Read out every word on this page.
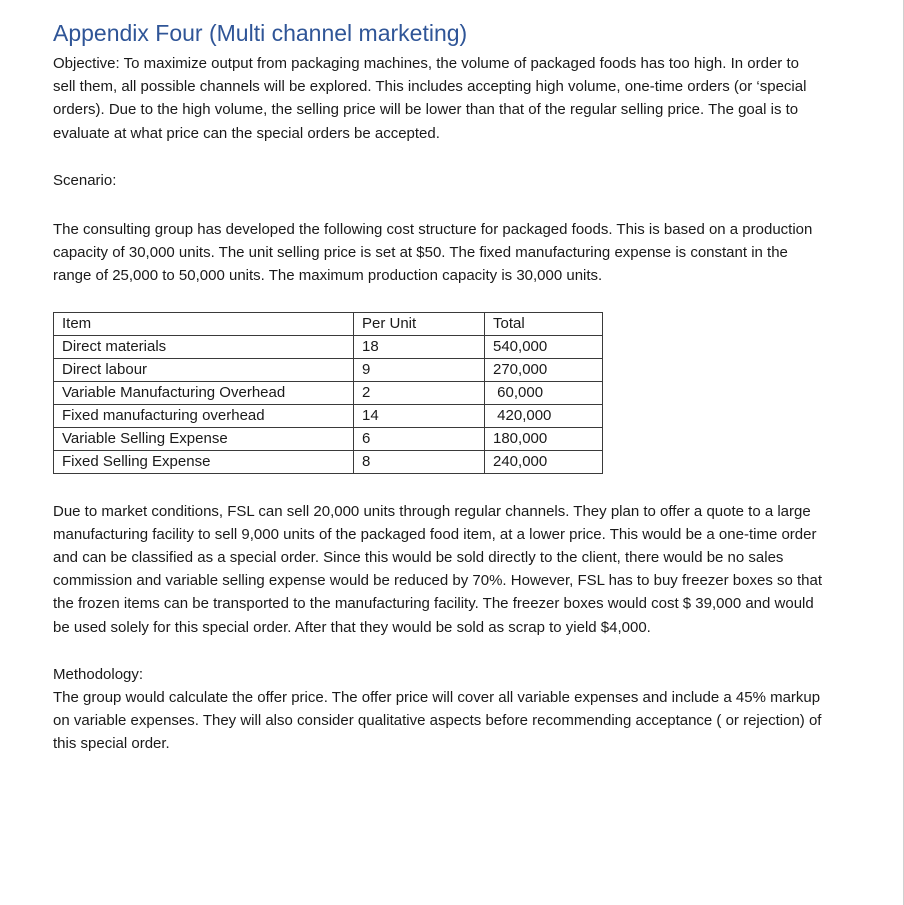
Appendix Four (Multi channel marketing)

Objective: To maximize output from packaging machines, the volume of packaged foods has too high. In order to sell them, all possible channels will be explored. This includes accepting high volume, one-time orders (or ‘special orders). Due to the high volume, the selling price will be lower than that of the regular selling price. The goal is to evaluate at what price can the special orders be accepted.

Scenario:

The consulting group has developed the following cost structure for packaged foods. This is based on a production capacity of 30,000 units. The unit selling price is set at $50. The fixed manufacturing expense is constant in the range of 25,000 to 50,000 units. The maximum production capacity is 30,000 units.

Item	Per Unit	Total
Direct materials	18	540,000
Direct labour	9	270,000
Variable Manufacturing Overhead	2	60,000
Fixed manufacturing overhead	14	420,000
Variable Selling Expense	6	180,000
Fixed Selling Expense	8	240,000

Due to market conditions, FSL can sell 20,000 units through regular channels. They plan to offer a quote to a large manufacturing facility to sell 9,000 units of the packaged food item, at a lower price. This would be a one-time order and can be classified as a special order. Since this would be sold directly to the client, there would be no sales commission and variable selling expense would be reduced by 70%. However, FSL has to buy freezer boxes so that the frozen items can be transported to the manufacturing facility. The freezer boxes would cost $ 39,000 and would be used solely for this special order. After that they would be sold as scrap to yield $4,000.

Methodology:

The group would calculate the offer price. The offer price will cover all variable expenses and include a 45% markup on variable expenses. They will also consider qualitative aspects before recommending acceptance ( or rejection) of this special order.
